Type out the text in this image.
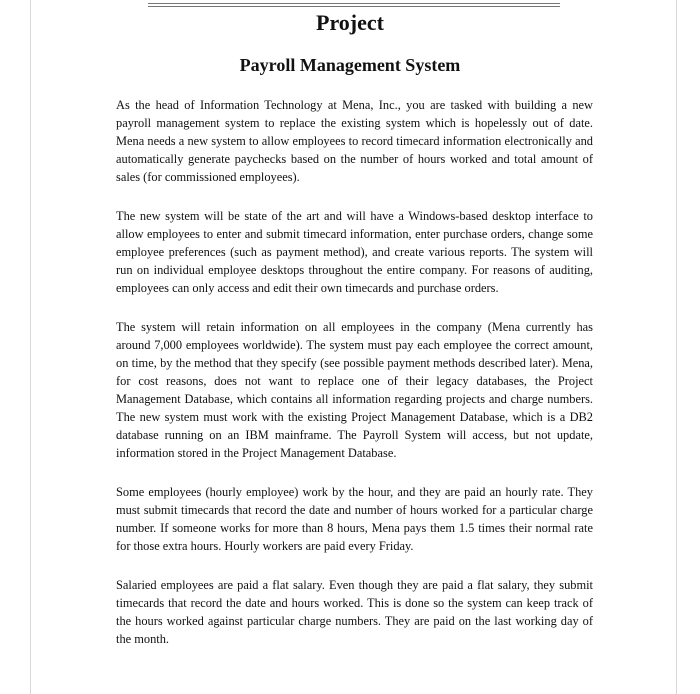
Project
Payroll Management System

As the head of Information Technology at Mena, Inc., you are tasked with building a new payroll management system to replace the existing system which is hopelessly out of date. Mena needs a new system to allow employees to record timecard information electronically and automatically generate paychecks based on the number of hours worked and total amount of sales (for commissioned employees).

The new system will be state of the art and will have a Windows-based desktop interface to allow employees to enter and submit timecard information, enter purchase orders, change some employee preferences (such as payment method), and create various reports. The system will run on individual employee desktops throughout the entire company. For reasons of auditing, employees can only access and edit their own timecards and purchase orders.

The system will retain information on all employees in the company (Mena currently has around 7,000 employees worldwide). The system must pay each employee the correct amount, on time, by the method that they specify (see possible payment methods described later). Mena, for cost reasons, does not want to replace one of their legacy databases, the Project Management Database, which contains all information regarding projects and charge numbers. The new system must work with the existing Project Management Database, which is a DB2 database running on an IBM mainframe. The Payroll System will access, but not update, information stored in the Project Management Database.

Some employees (hourly employee) work by the hour, and they are paid an hourly rate. They must submit timecards that record the date and number of hours worked for a particular charge number. If someone works for more than 8 hours, Mena pays them 1.5 times their normal rate for those extra hours. Hourly workers are paid every Friday.

Salaried employees are paid a flat salary. Even though they are paid a flat salary, they submit timecards that record the date and hours worked. This is done so the system can keep track of the hours worked against particular charge numbers. They are paid on the last working day of the month.
